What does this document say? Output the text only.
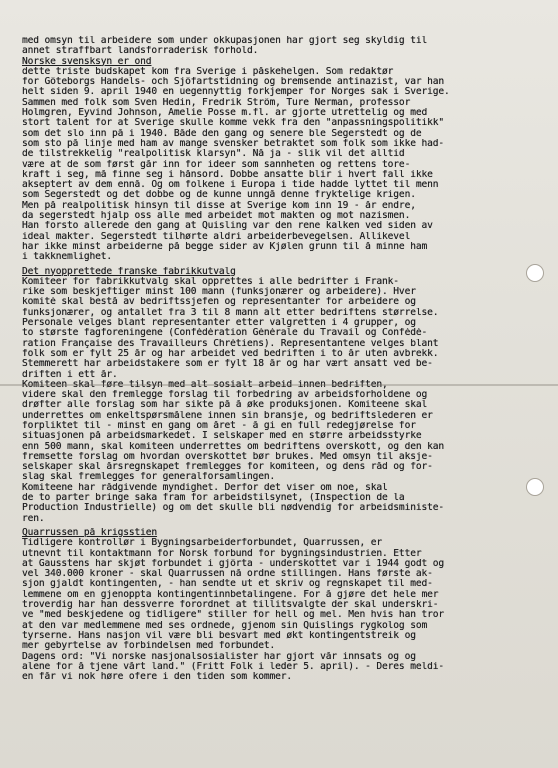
med omsyn til arbeidere som under okkupasjonen har gjort seg skyldig til
annet straffbart landsforraderisk forhold.
Norske svensksyn er ond
dette triste budskapet kom fra Sverige i påskehelgen. Som redaktør
for Göteborgs Handels- och Sjöfartstidning og bremsende antinazist, var han
helt siden 9. april 1940 en uegennyttig forkjemper for Norges sak i Sverige.
Sammen med folk som Sven Hedin, Fredrik Ström, Ture Nerman, professor
Holmgren, Eyvind Johnson, Amelie Posse m.fl. ar gjorte utrettelig og med
stort talent for at Sverige skulle komme vekk fra den "anpassningspolitikk"
som det slo inn på i 1940. Både den gang og senere ble Segerstedt og de
som sto på linje med ham av mange svensker betraktet som folk som ikke had-
de tilstrekkelig "realpolitisk klarsyn". Nå ja - slik vil det alltid
være at de som først går inn for ideer som sannheten og rettens tore-
kraft i seg, må finne seg i hånsord. Dobbe ansatte blir i hvert fall ikke
akseptert av dem ennå. Og om folkene i Europa i tide hadde lyttet til menn
som Segerstedt og det dobbe og de kunne unngå denne fryktelige krigen.
Men på realpolitisk hinsyn til disse at Sverige kom inn 19 - år endre,
da segerstedt hjalp oss alle med arbeidet mot makten og mot nazismen.
Han forsto allerede den gang at Quisling var den rene kalken ved siden av
ideal makter. Segerstedt tilhørte aldri arbeiderbevegelsen. Allikevel
har ikke minst arbeiderne på begge sider av Kjølen grunn til å minne ham
i takknemlighet.
Det nyopprettede franske fabrikkutvalg
Komiteer for fabrikkutvalg skal opprettes i alle bedrifter i Frank-
rike som beskjeftiger minst 100 mann (funksjonærer og arbeidere). Hver
komité skal bestå av bedriftssjefen og representanter for arbeidere og
funksjonærer, og antallet fra 3 til 8 mann alt etter bedriftens størrelse.
Personale velges blant representanter etter valgretten i 4 grupper, og
to største fagforeningene (Confédération Générale du Travail og Confédé-
ration Française des Travailleurs Chrétiens). Representantene velges blant
folk som er fylt 25 år og har arbeidet ved bedriften i to år uten avbrekk.
Stemmerett har arbeidstakere som er fylt 18 år og har vært ansatt ved be-
driften i ett år.
Komiteen skal føre tilsyn med alt sosialt arbeid innen bedriften,
videre skal den fremlegge forslag til forbedring av arbeidsforholdene og
drøfter alle forslag som har sikte på å øke produksjonen. Komiteene skal
underrettes om enkeltspørsmålene innen sin bransje, og bedriftslederen er
forpliktet til - minst en gang om året - å gi en full redegjørelse for
situasjonen på arbeidsmarkedet. I selskaper med en større arbeidsstyrke
enn 500 mann, skal komiteen underrettes om bedriftens overskott, og den kan
fremsette forslag om hvordan overskottet bør brukes. Med omsyn til aksje-
selskaper skal årsregnskapet fremlegges for komiteen, og dens råd og for-
slag skal fremlegges for generalforsamlingen.
Komiteene har rådgivende myndighet. Derfor det viser om noe, skal
de to parter bringe saka fram for arbeidstilsynet, (Inspection de la
Production Industrielle) og om det skulle bli nødvendig for arbeidsministe-
ren.
Quarrussen på krigsstien
Tidligere kontrollør i Bygningsarbeiderforbundet, Quarrussen, er
utnevnt til kontaktmann for Norsk forbund for bygningsindustrien. Etter
at Gausstens har skjøt forbundet i gjörta - underskottet var i 1944 godt og
vel 340.000 kroner - skal Quarrussen nå ordne stillingen. Hans første ak-
sjon gjaldt kontingenten, - han sendte ut et skriv og regnskapet til med-
lemmene om en gjenoppta kontingentinnbetalingene. For å gjøre det hele mer
troverdig har han dessverre forordnet at tillitsvalgte der skal underskri-
ve "med beskjedene og tidligere" stiller for hell og mel. Men hvis han tror
at den var medlemmene med ses ordnede, gjenom sin Quislings rygkolog som
tyrserne. Hans nasjon vil være bli besvart med økt kontingentstreik og
mer gebyrtelse av forbindelsen med forbundet.
Dagens ord: "Vi norske nasjonalsosialister har gjort vår innsats og og
alene for å tjene vårt land." (Fritt Folk i leder 5. april). - Deres meldi-
en får vi nok høre ofere i den tiden som kommer.
